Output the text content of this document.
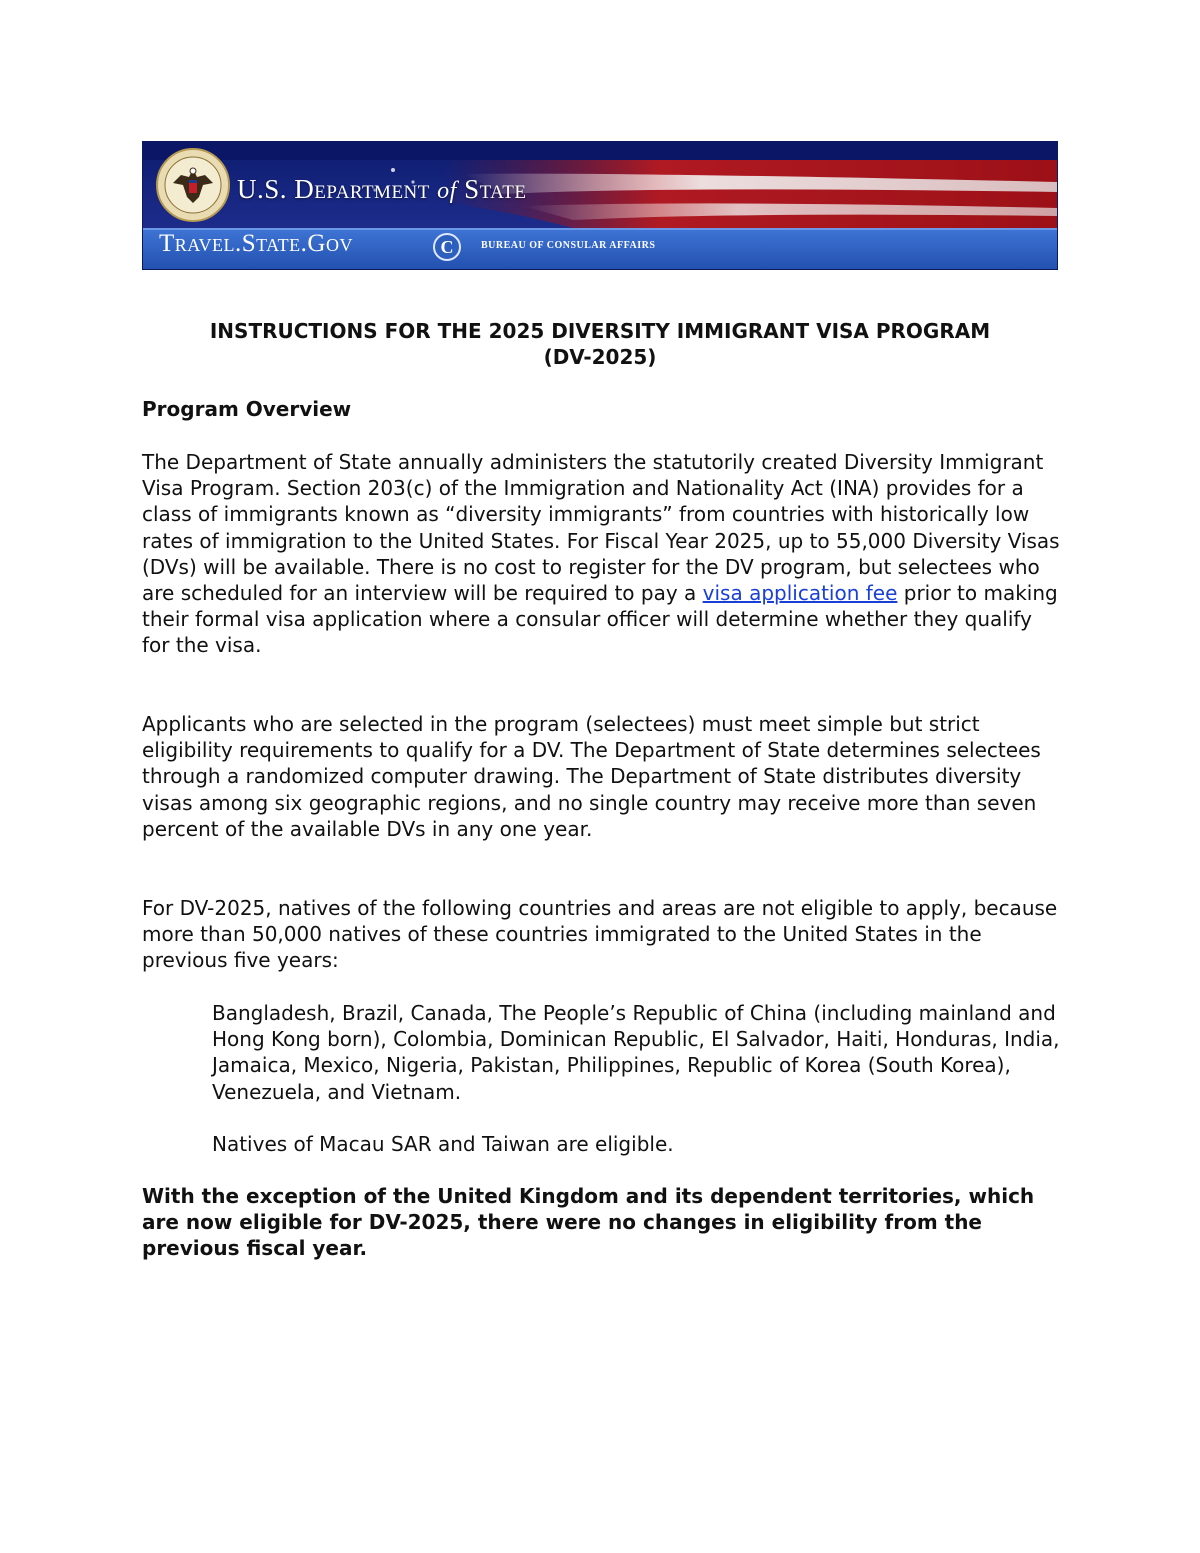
U.S. Department of State
Travel.State.Gov	C	BUREAU OF CONSULAR AFFAIRS
INSTRUCTIONS FOR THE 2025 DIVERSITY IMMIGRANT VISA PROGRAM
(DV-2025)
Program Overview
The Department of State annually administers the statutorily created Diversity Immigrant Visa Program. Section 203(c) of the Immigration and Nationality Act (INA) provides for a class of immigrants known as “diversity immigrants” from countries with historically low rates of immigration to the United States. For Fiscal Year 2025, up to 55,000 Diversity Visas (DVs) will be available. There is no cost to register for the DV program, but selectees who are scheduled for an interview will be required to pay a visa application fee prior to making their formal visa application where a consular officer will determine whether they qualify for the visa.
Applicants who are selected in the program (selectees) must meet simple but strict eligibility requirements to qualify for a DV. The Department of State determines selectees through a randomized computer drawing. The Department of State distributes diversity visas among six geographic regions, and no single country may receive more than seven percent of the available DVs in any one year.
For DV-2025, natives of the following countries and areas are not eligible to apply, because more than 50,000 natives of these countries immigrated to the United States in the previous five years:
Bangladesh, Brazil, Canada, The People’s Republic of China (including mainland and Hong Kong born), Colombia, Dominican Republic, El Salvador, Haiti, Honduras, India, Jamaica, Mexico, Nigeria, Pakistan, Philippines, Republic of Korea (South Korea), Venezuela, and Vietnam.
Natives of Macau SAR and Taiwan are eligible.
With the exception of the United Kingdom and its dependent territories, which are now eligible for DV-2025, there were no changes in eligibility from the previous fiscal year.
